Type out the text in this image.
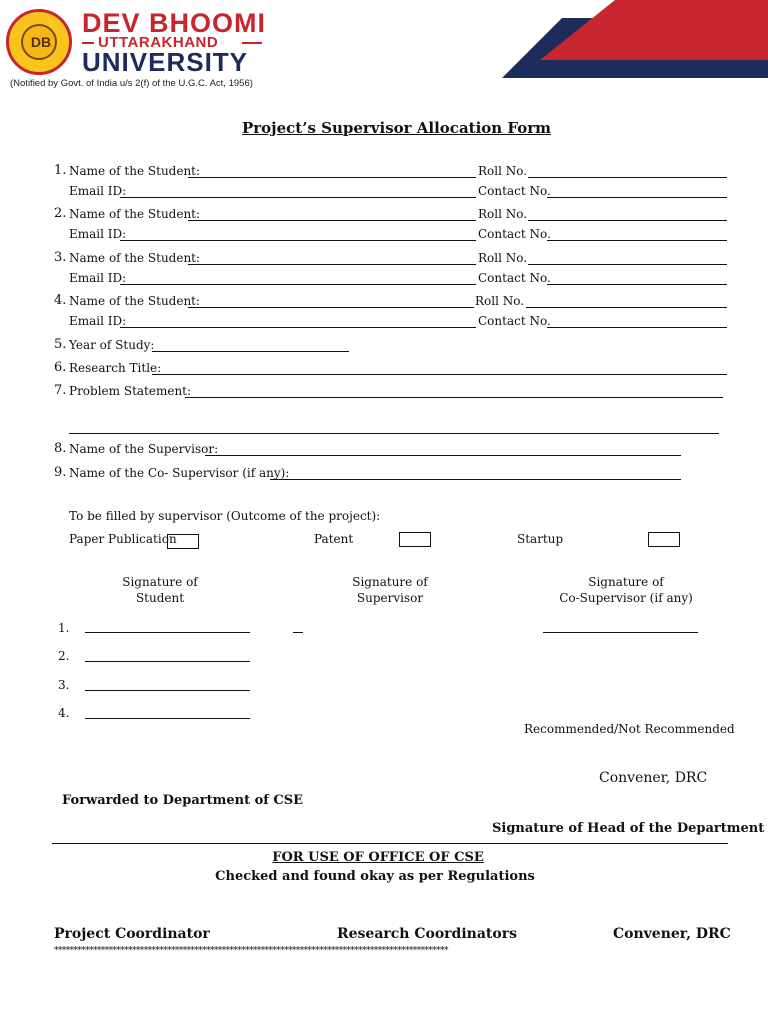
DB
DEV BHOOMI
UTTARAKHAND
UNIVERSITY
(Notified by Govt. of India u/s 2(f) of the U.G.C. Act, 1956)
Project’s Supervisor Allocation Form
1. Name of the Student:	Roll No.
Email ID:	Contact No.
2. Name of the Student:	Roll No.
Email ID:	Contact No.
3. Name of the Student:	Roll No.
Email ID:	Contact No.
4. Name of the Student:	Roll No.
Email ID:	Contact No.
5. Year of Study:
6. Research Title:
7. Problem Statement:
8. Name of the Supervisor:
9. Name of the Co- Supervisor (if any):
To be filled by supervisor (Outcome of the project):
Paper Publication	Patent	Startup
Signature of
Student
Signature of
Supervisor
Signature of
Co-Supervisor (if any)
1.
2.
3.
4.
Recommended/Not Recommended
Convener, DRC
Forwarded to Department of CSE
Signature of Head of the Department
FOR USE OF OFFICE OF CSE
Checked and found okay as per Regulations
Project Coordinator	Research Coordinators	Convener, DRC
*****************************************************************************************************
